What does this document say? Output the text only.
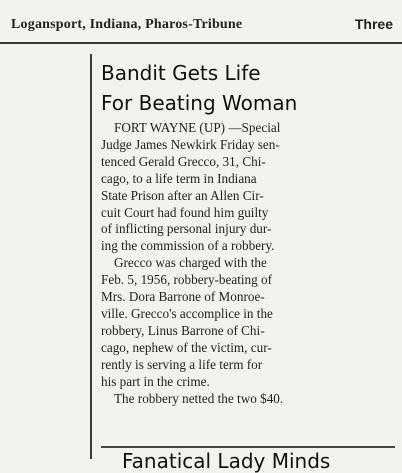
Logansport, Indiana, Pharos-Tribune	Three
Bandit Gets Life
For Beating Woman
FORT WAYNE (UP) —Special
Judge James Newkirk Friday sen-
tenced Gerald Grecco, 31, Chi-
cago, to a life term in Indiana
State Prison after an Allen Cir-
cuit Court had found him guilty
of inflicting personal injury dur-
ing the commission of a robbery.
Grecco was charged with the
Feb. 5, 1956, robbery-beating of
Mrs. Dora Barrone of Monroe-
ville. Grecco's accomplice in the
robbery, Linus Barrone of Chi-
cago, nephew of the victim, cur-
rently is serving a life term for
his part in the crime.
The robbery netted the two $40.
Fanatical Lady Minds
